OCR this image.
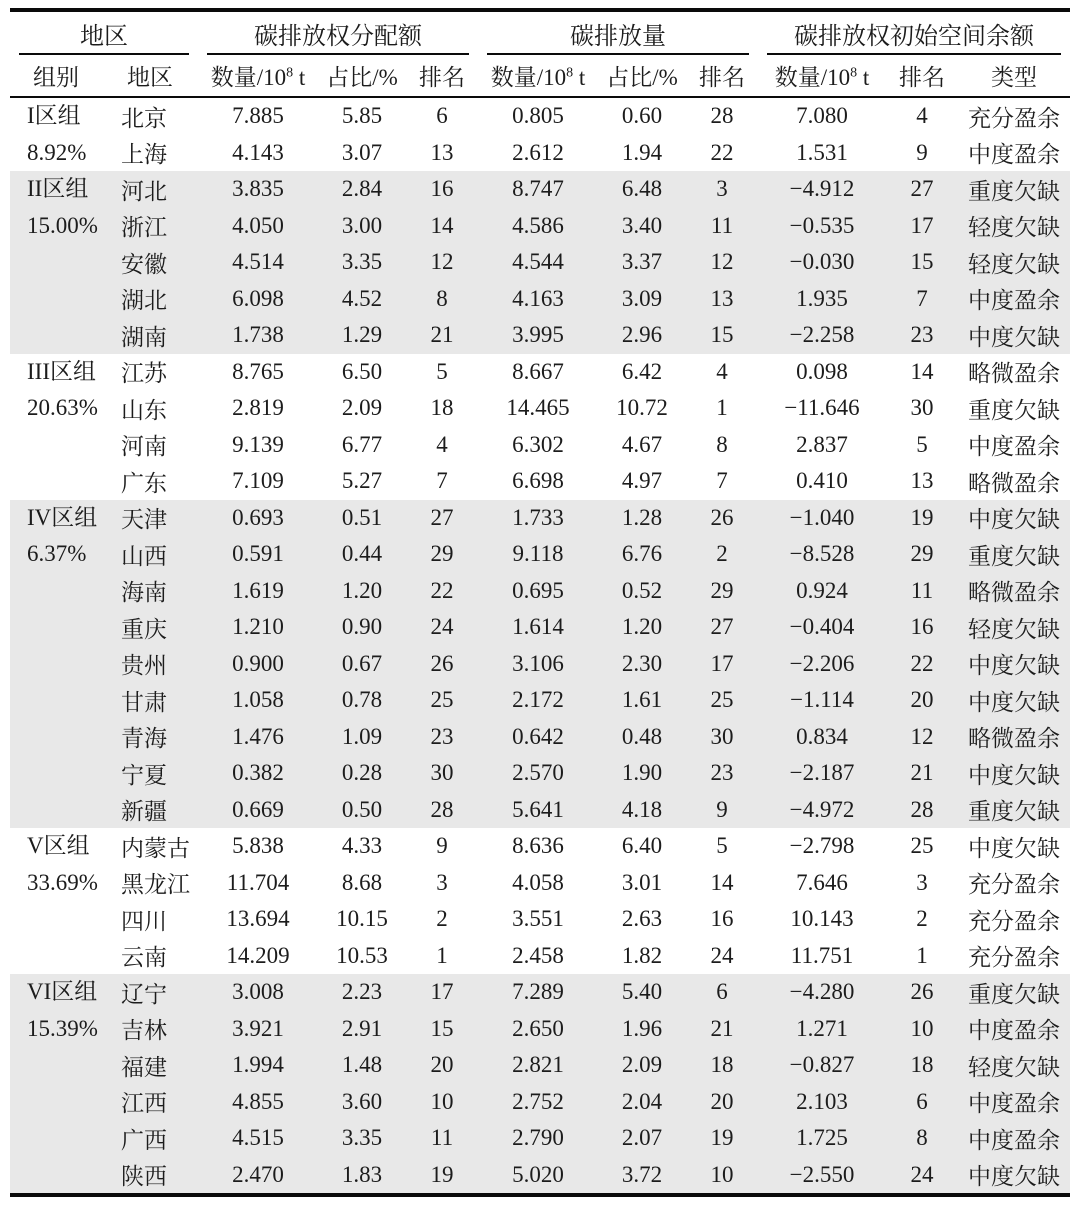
地区		碳排放权分配额			碳排放量			碳排放权初始空间余额		
组别	地区	数量$/10^8$ t	占比/%	排名	数量$/10^8$ t	占比/%	排名	数量$/10^8$ t	排名	类型

I区组
8.92%	北京	7.885	5.85	6	0.805	0.60	28	7.080	4	充分盈余
	上海	4.143	3.07	13	2.612	1.94	22	1.531	9	中度盈余

II区组
15.00%	河北	3.835	2.84	16	8.747	6.48	3	−4.912	27	重度欠缺
	浙江	4.050	3.00	14	4.586	3.40	11	−0.535	17	轻度欠缺
	安徽	4.514	3.35	12	4.544	3.37	12	−0.030	15	轻度欠缺
	湖北	6.098	4.52	8	4.163	3.09	13	1.935	7	中度盈余
	湖南	1.738	1.29	21	3.995	2.96	15	−2.258	23	中度欠缺

III区组
20.63%	江苏	8.765	6.50	5	8.667	6.42	4	0.098	14	略微盈余
	山东	2.819	2.09	18	14.465	10.72	1	−11.646	30	重度欠缺
	河南	9.139	6.77	4	6.302	4.67	8	2.837	5	中度盈余
	广东	7.109	5.27	7	6.698	4.97	7	0.410	13	略微盈余

IV区组
6.37%	天津	0.693	0.51	27	1.733	1.28	26	−1.040	19	中度欠缺
	山西	0.591	0.44	29	9.118	6.76	2	−8.528	29	重度欠缺
	海南	1.619	1.20	22	0.695	0.52	29	0.924	11	略微盈余
	重庆	1.210	0.90	24	1.614	1.20	27	−0.404	16	轻度欠缺
	贵州	0.900	0.67	26	3.106	2.30	17	−2.206	22	中度欠缺
	甘肃	1.058	0.78	25	2.172	1.61	25	−1.114	20	中度欠缺
	青海	1.476	1.09	23	0.642	0.48	30	0.834	12	略微盈余
	宁夏	0.382	0.28	30	2.570	1.90	23	−2.187	21	中度欠缺
	新疆	0.669	0.50	28	5.641	4.18	9	−4.972	28	重度欠缺

V区组
33.69%	内蒙古	5.838	4.33	9	8.636	6.40	5	−2.798	25	中度欠缺
	黑龙江	11.704	8.68	3	4.058	3.01	14	7.646	3	充分盈余
	四川	13.694	10.15	2	3.551	2.63	16	10.143	2	充分盈余
	云南	14.209	10.53	1	2.458	1.82	24	11.751	1	充分盈余

VI区组
15.39%	辽宁	3.008	2.23	17	7.289	5.40	6	−4.280	26	重度欠缺
	吉林	3.921	2.91	15	2.650	1.96	21	1.271	10	中度盈余
	福建	1.994	1.48	20	2.821	2.09	18	−0.827	18	轻度欠缺
	江西	4.855	3.60	10	2.752	2.04	20	2.103	6	中度盈余
	广西	4.515	3.35	11	2.790	2.07	19	1.725	8	中度盈余
	陕西	2.470	1.83	19	5.020	3.72	10	−2.550	24	中度欠缺
